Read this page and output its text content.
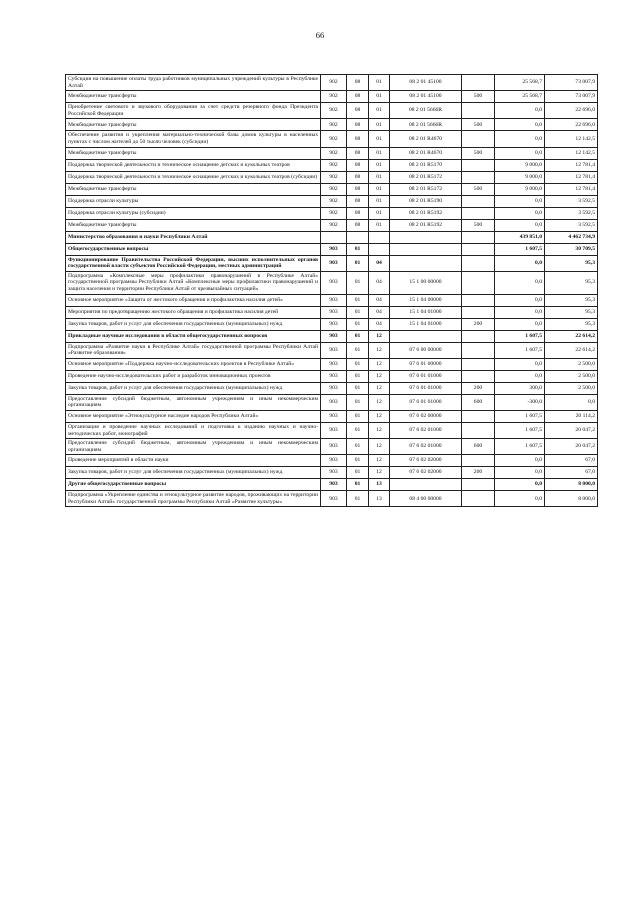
66
Субсидия на повышение оплаты труда работников муниципальных учреждений культуры в Республике Алтай	902	08	01	08 2 01 45100		25 568,7	73 007,9
Межбюджетные трансферты	902	08	01	08 2 01 45100	500	25 568,7	73 007,9
Приобретение светового и звукового оборудования за счет средств резервного фонда Президента Российской Федерации	902	08	01	08 2 01 5666R		0,0	22 696,0
Межбюджетные трансферты	902	08	01	08 2 01 5666R	500	0,0	22 696,0
Обеспечение развития и укрепления материально-технической базы домов культуры в населенных пунктах с числом жителей до 50 тысяч человек (субсидии)	902	08	01	08 2 01 R4670		0,0	12 142,5
Межбюджетные трансферты	902	08	01	08 2 01 R4670	500	0,0	12 142,5
Поддержка творческой деятельности и техническое оснащение детских и кукольных театров	902	08	01	08 2 01 R5170		9 000,0	12 781,4
Поддержка творческой деятельности и техническое оснащение детских и кукольных театров (субсидии)	902	08	01	08 2 01 R5172		9 000,0	12 781,4
Межбюджетные трансферты	902	08	01	08 2 01 R5172	500	9 000,0	12 781,4
Поддержка отрасли культуры	902	08	01	08 2 01 R5190		0,0	3 592,5
Поддержка отрасли культуры (субсидии)	902	08	01	08 2 01 R5192		0,0	3 592,5
Межбюджетные трансферты	902	08	01	08 2 01 R5192	500	0,0	3 592,5
Министерство образования и науки Республики Алтай						439 851,0	4 462 734,9
Общегосударственные вопросы	903	01				1 607,5	30 709,5
Функционирование Правительства Российской Федерации, высших исполнительных органов государственной власти субъектов Российской Федерации, местных администраций	903	01	04			0,0	95,3
Подпрограмма «Комплексные меры профилактики правонарушений в Республике Алтай» государственной программы Республики Алтай «Комплексные меры профилактики правонарушений и защита населения и территории Республики Алтай от чрезвычайных ситуаций»	903	01	04	15 1 00 00000		0,0	95,3
Основное мероприятие «Защита от жестокого обращения и профилактика насилия детей»	903	01	04	15 1 04 00000		0,0	95,3
Мероприятия по предотвращению жестокого обращения и профилактика насилия детей	903	01	04	15 1 04 01000		0,0	95,3
Закупка товаров, работ и услуг для обеспечения государственных (муниципальных) нужд	903	01	04	15 1 04 01000	200	0,0	95,3
Прикладные научные исследования в области общегосударственных вопросов	903	01	12			1 607,5	22 614,2
Подпрограмма «Развитие науки в Республике Алтай» государственной программы Республики Алтай «Развитие образования»	903	01	12	07 6 00 00000		1 607,5	22 614,2
Основное мероприятие «Поддержка научно-исследовательских проектов в Республике Алтай»	903	01	12	07 6 01 00000		0,0	2 500,0
Проведение научно-исследовательских работ и разработок инновационных проектов	903	01	12	07 6 01 01000		0,0	2 500,0
Закупка товаров, работ и услуг для обеспечения государственных (муниципальных) нужд	903	01	12	07 6 01 01000	200	300,0	2 500,0
Предоставление субсидий бюджетным, автономным учреждениям и иным некоммерческим организациям	903	01	12	07 6 01 01000	600	-300,0	0,0
Основное мероприятие «Этнокультурное наследие народов Республики Алтай»	903	01	12	07 6 02 00000		1 607,5	20 114,2
Организация и проведение научных исследований и подготовка к изданию научных и научно-методических работ, монографий	903	01	12	07 6 02 01000		1 607,5	20 047,2
Предоставление субсидий бюджетным, автономным учреждениям и иным некоммерческим организациям	903	01	12	07 6 02 01000	600	1 607,5	20 047,2
Проведение мероприятий в области науки	903	01	12	07 6 02 02000		0,0	67,0
Закупка товаров, работ и услуг для обеспечения государственных (муниципальных) нужд	903	01	12	07 6 02 02000	200	0,0	67,0
Другие общегосударственные вопросы	903	01	13			0,0	8 000,0
Подпрограмма «Укрепление единства и этнокультурное развитие народов, проживающих на территории Республики Алтай» государственной программы Республики Алтай «Развитие культуры»	903	01	13	08 4 00 00000		0,0	8 000,0
